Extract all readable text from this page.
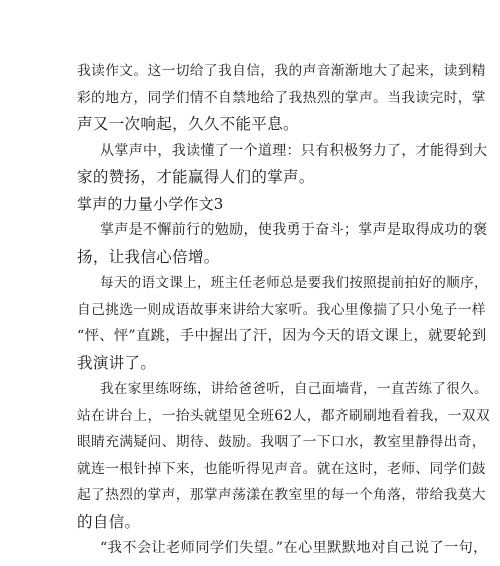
我读作文。这一切给了我自信，我的声音渐渐地大了起来，读到精
彩的地方，同学们情不自禁地给了我热烈的掌声。当我读完时，掌
声又一次响起，久久不能平息。
从掌声中，我读懂了一个道理：只有积极努力了，才能得到大
家的赞扬，才能赢得人们的掌声。
掌声的力量小学作文3
掌声是不懈前行的勉励，使我勇于奋斗；掌声是取得成功的褒
扬，让我信心倍增。
每天的语文课上，班主任老师总是要我们按照提前拍好的顺序，
自己挑选一则成语故事来讲给大家听。我心里像揣了只小兔子一样
“怦、怦”直跳，手中握出了汗，因为今天的语文课上，就要轮到
我演讲了。
我在家里练呀练，讲给爸爸听，自己面墙背，一直苦练了很久。
站在讲台上，一抬头就望见全班62人，都齐刷刷地看着我，一双双
眼睛充满疑问、期待、鼓励。我咽了一下口水，教室里静得出奇，
就连一根针掉下来，也能听得见声音。就在这时，老师、同学们鼓
起了热烈的掌声，那掌声荡漾在教室里的每一个角落，带给我莫大
的自信。
“我不会让老师同学们失望。”在心里默默地对自己说了一句，
